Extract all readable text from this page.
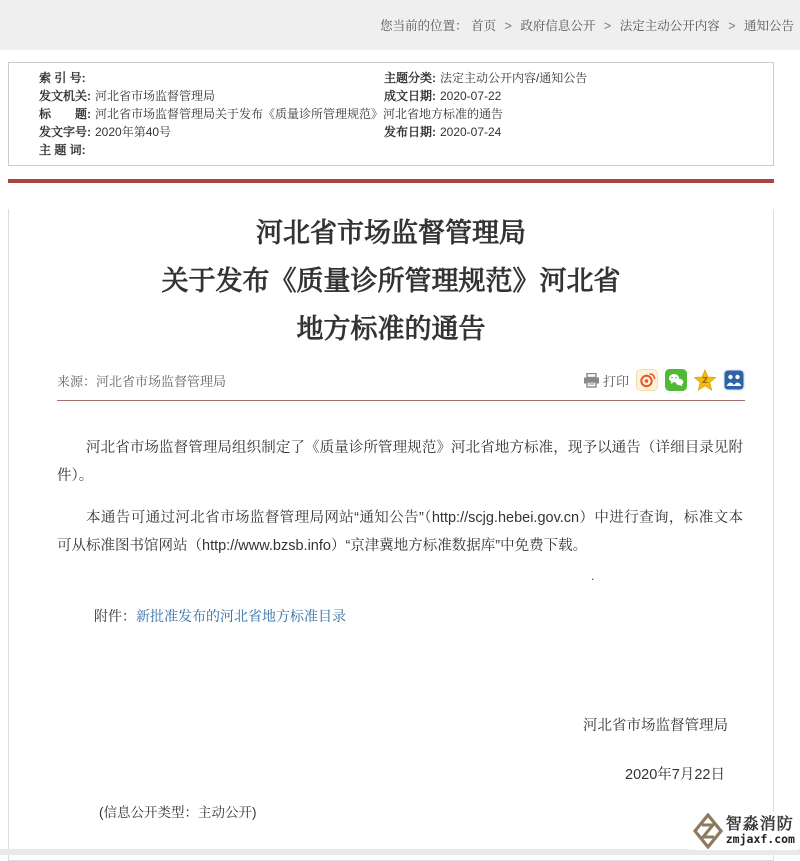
您当前的位置： 首页 > 政府信息公开 > 法定主动公开内容 > 通知公告
索 引 号:	主题分类: 法定主动公开内容/通知公告
发文机关: 河北省市场监督管理局	成文日期: 2020-07-22
标　　题: 河北省市场监督管理局关于发布《质量诊所管理规范》河北省地方标准的通告
发文字号: 2020年第40号	发布日期: 2020-07-24
主 题 词:
河北省市场监督管理局
关于发布《质量诊所管理规范》河北省
地方标准的通告
来源：河北省市场监督管理局	打印	Z

河北省市场监督管理局组织制定了《质量诊所管理规范》河北省地方标准，现予以通告（详细目录见附件）。

本通告可通过河北省市场监督管理局网站“通知公告”（http://scjg.hebei.gov.cn）中进行查询，标准文本可从标准图书馆网站（http://www.bzsb.info）“京津冀地方标准数据库”中免费下载。

.
附件：新批准发布的河北省地方标准目录
河北省市场监督管理局
2020年7月22日
(信息公开类型：主动公开)
智淼消防
zmjaxf.com
